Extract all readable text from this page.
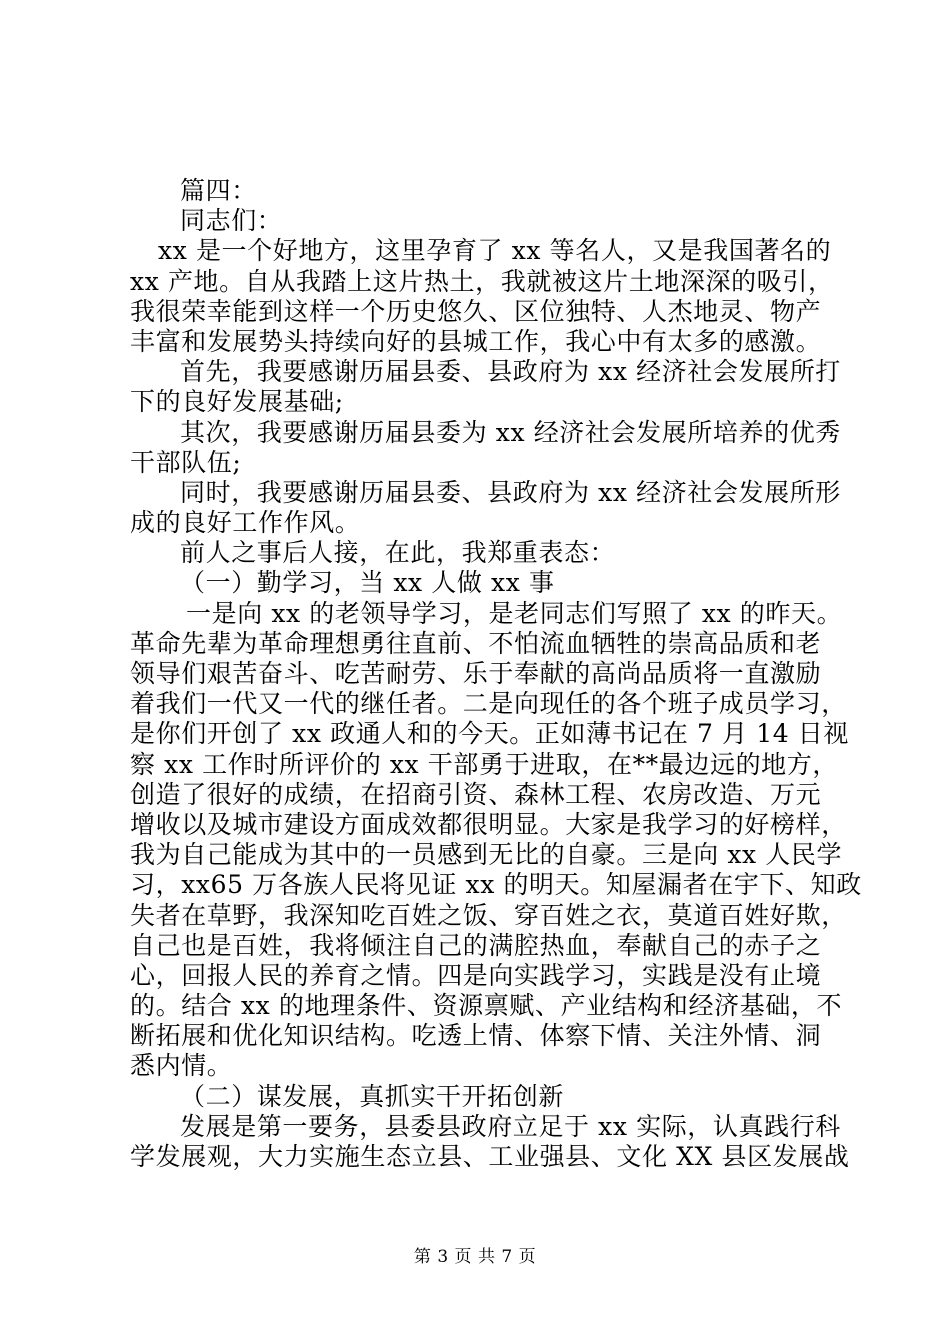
篇四：
同志们：
xx 是一个好地方，这里孕育了 xx 等名人，又是我国著名的
xx 产地。自从我踏上这片热土，我就被这片土地深深的吸引，
我很荣幸能到这样一个历史悠久、区位独特、人杰地灵、物产
丰富和发展势头持续向好的县城工作，我心中有太多的感激。
首先，我要感谢历届县委、县政府为 xx 经济社会发展所打
下的良好发展基础;
其次，我要感谢历届县委为 xx 经济社会发展所培养的优秀
干部队伍;
同时，我要感谢历届县委、县政府为 xx 经济社会发展所形
成的良好工作作风。
前人之事后人接，在此，我郑重表态：
（一）勤学习，当 xx 人做 xx 事
一是向 xx 的老领导学习，是老同志们写照了 xx 的昨天。
革命先辈为革命理想勇往直前、不怕流血牺牲的崇高品质和老
领导们艰苦奋斗、吃苦耐劳、乐于奉献的高尚品质将一直激励
着我们一代又一代的继任者。二是向现任的各个班子成员学习，
是你们开创了 xx 政通人和的今天。正如薄书记在 7 月 14 日视
察 xx 工作时所评价的 xx 干部勇于进取，在**最边远的地方，
创造了很好的成绩，在招商引资、森林工程、农房改造、万元
增收以及城市建设方面成效都很明显。大家是我学习的好榜样，
我为自己能成为其中的一员感到无比的自豪。三是向 xx 人民学
习，xx65 万各族人民将见证 xx 的明天。知屋漏者在宇下、知政
失者在草野，我深知吃百姓之饭、穿百姓之衣，莫道百姓好欺，
自己也是百姓，我将倾注自己的满腔热血，奉献自己的赤子之
心，回报人民的养育之情。四是向实践学习，实践是没有止境
的。结合 xx 的地理条件、资源禀赋、产业结构和经济基础，不
断拓展和优化知识结构。吃透上情、体察下情、关注外情、洞
悉内情。
（二）谋发展，真抓实干开拓创新
发展是第一要务，县委县政府立足于 xx 实际，认真践行科
学发展观，大力实施生态立县、工业强县、文化 XX 县区发展战
第 3 页 共 7 页
